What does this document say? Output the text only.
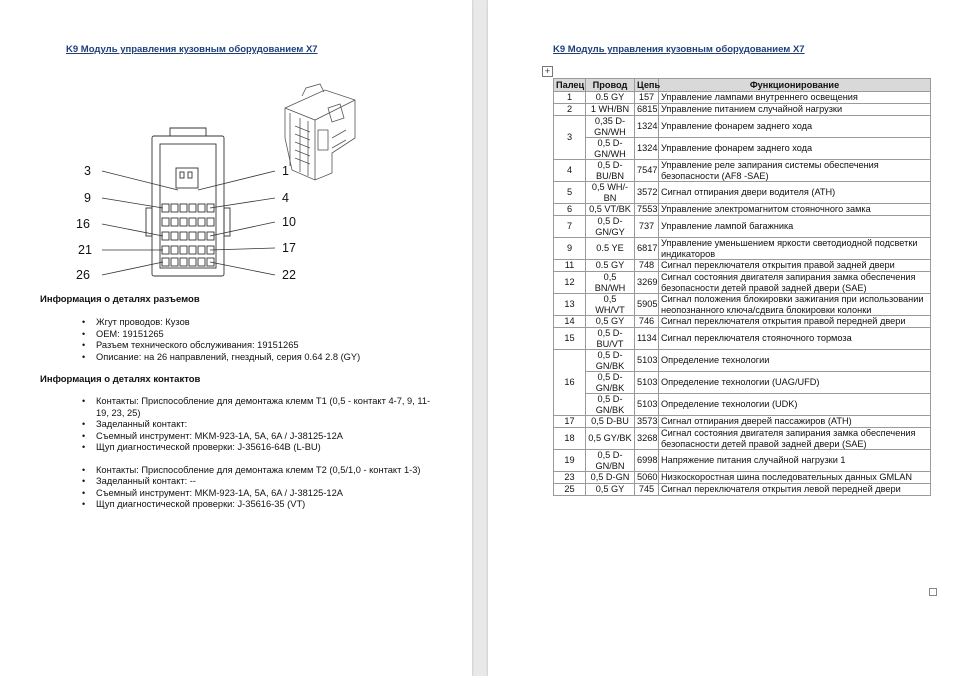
K9 Модуль управления кузовным оборудованием X7
3	1
9	4
16	10
21	17
26	22
Информация о деталях разъемов
• Жгут проводов: Кузов
• OEM: 19151265
• Разъем технического обслуживания: 19151265
• Описание: на 26 направлений, гнездный, серия 0.64 2.8 (GY)
Информация о деталях контактов
• Контакты: Приспособление для демонтажа клемм T1 (0,5 - контакт 4-7, 9, 11-19, 23, 25)
• Заделанный контакт:
• Съемный инструмент: MKM-923-1A, 5A, 6A / J-38125-12A
• Щуп диагностической проверки: J-35616-64B (L-BU)
• Контакты: Приспособление для демонтажа клемм T2 (0,5/1,0 - контакт 1-3)
• Заделанный контакт: --
• Съемный инструмент: MKM-923-1A, 5A, 6A / J-38125-12A
• Щуп диагностической проверки: J-35616-35 (VT)
K9 Модуль управления кузовным оборудованием X7
+
Палец	Провод	Цепь	Функционирование
1	0.5 GY	157	Управление лампами внутреннего освещения
2	1 WH/BN	6815	Управление питанием случайной нагрузки
3	0,35 D-GN/WH	1324	Управление фонарем заднего хода
	0,5 D-GN/WH	1324	Управление фонарем заднего хода
4	0,5 D-BU/BN	7547	Управление реле запирания системы обеспечения безопасности (AF8 -SAE)
5	0,5 WH/-BN	3572	Сигнал отпирания двери водителя (ATH)
6	0,5 VT/BK	7553	Управление электромагнитом стояночного замка
7	0,5 D-GN/GY	737	Управление лампой багажника
9	0.5 YE	6817	Управление уменьшением яркости светодиодной подсветки индикаторов
11	0.5 GY	748	Сигнал переключателя открытия правой задней двери
12	0,5 BN/WH	3269	Сигнал состояния двигателя запирания замка обеспечения безопасности детей правой задней двери (SAE)
13	0,5 WH/VT	5905	Сигнал положения блокировки зажигания при использовании неопознанного ключа/сдвига блокировки колонки
14	0,5 GY	746	Сигнал переключателя открытия правой передней двери
15	0,5 D-BU/VT	1134	Сигнал переключателя стояночного тормоза
16	0,5 D-GN/BK	5103	Определение технологии
	0,5 D-GN/BK	5103	Определение технологии (UAG/UFD)
	0,5 D-GN/BK	5103	Определение технологии (UDK)
17	0,5 D-BU	3573	Сигнал отпирания дверей пассажиров (ATH)
18	0,5 GY/BK	3268	Сигнал состояния двигателя запирания замка обеспечения безопасности детей правой задней двери (SAE)
19	0,5 D-GN/BN	6998	Напряжение питания случайной нагрузки 1
23	0,5 D-GN	5060	Низкоскоростная шина последовательных данных GMLAN
25	0,5 GY	745	Сигнал переключателя открытия левой передней двери
